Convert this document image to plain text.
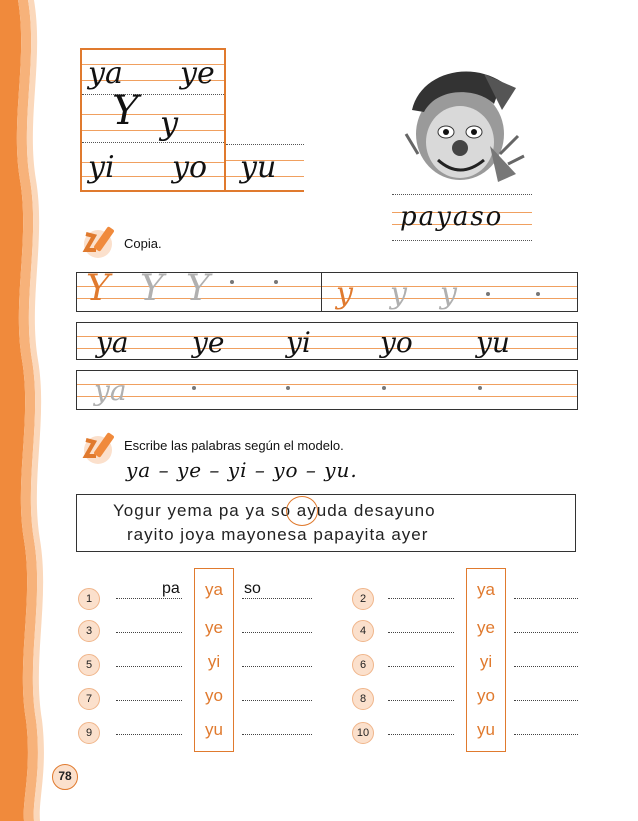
ya ye
Y y
yi yo yu
payaso
Copia.
Y Y Y	y y y
ya ye yi yo yu
ya
Escribe las palabras según el modelo.
ya – ye – yi – yo – yu.
Yogur yema pa ya so ayuda desayuno
rayito joya mayonesa papayita ayer
1
3
5
7
9
pa	ya
ye
yi
yo
yu
so
2
4
6
8
10
ya
ye
yi
yo
yu
78
